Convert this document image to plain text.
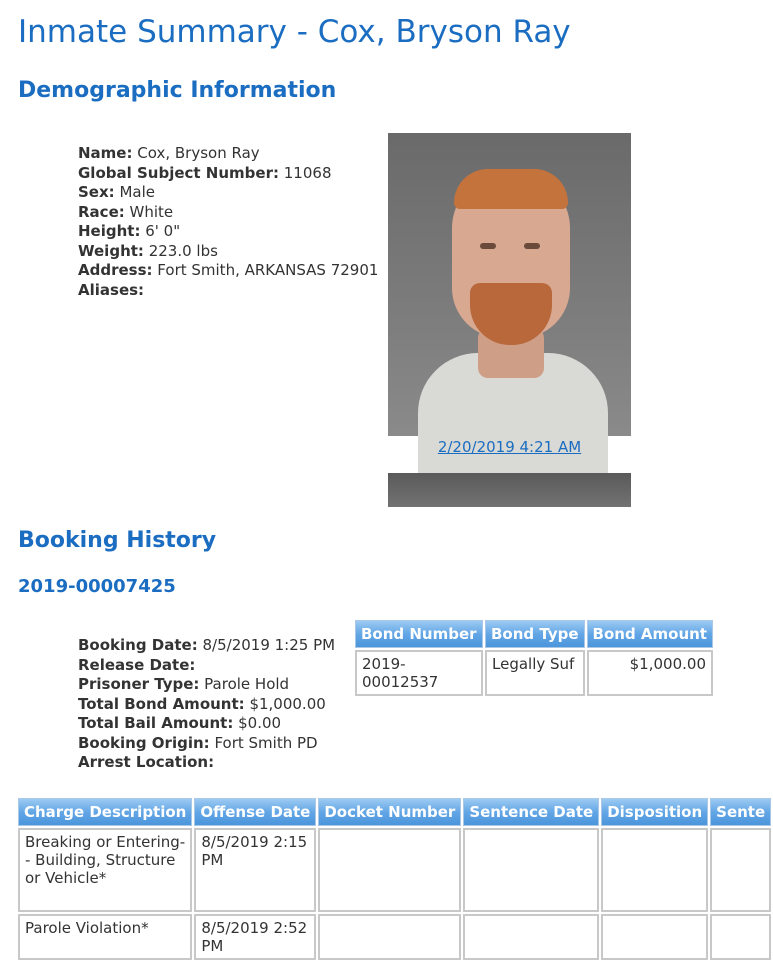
Inmate Summary - Cox, Bryson Ray
Demographic Information
Name: Cox, Bryson Ray
Global Subject Number: 11068
Sex: Male
Race: White
Height: 6' 0"
Weight: 223.0 lbs
Address: Fort Smith, ARKANSAS 72901
Aliases:
2/20/2019 4:21 AM
Booking History
2019-00007425
Booking Date: 8/5/2019 1:25 PM
Release Date:
Prisoner Type: Parole Hold
Total Bond Amount: $1,000.00
Total Bail Amount: $0.00
Booking Origin: Fort Smith PD
Arrest Location:
Bond Number	Bond Type	Bond Amount
2019-00012537	Legally Suf	$1,000.00
Charge Description	Offense Date	Docket Number	Sentence Date	Disposition	Sente
Breaking or Entering- - Building, Structure or Vehicle*	8/5/2019 2:15 PM				
Parole Violation*	8/5/2019 2:52 PM				
